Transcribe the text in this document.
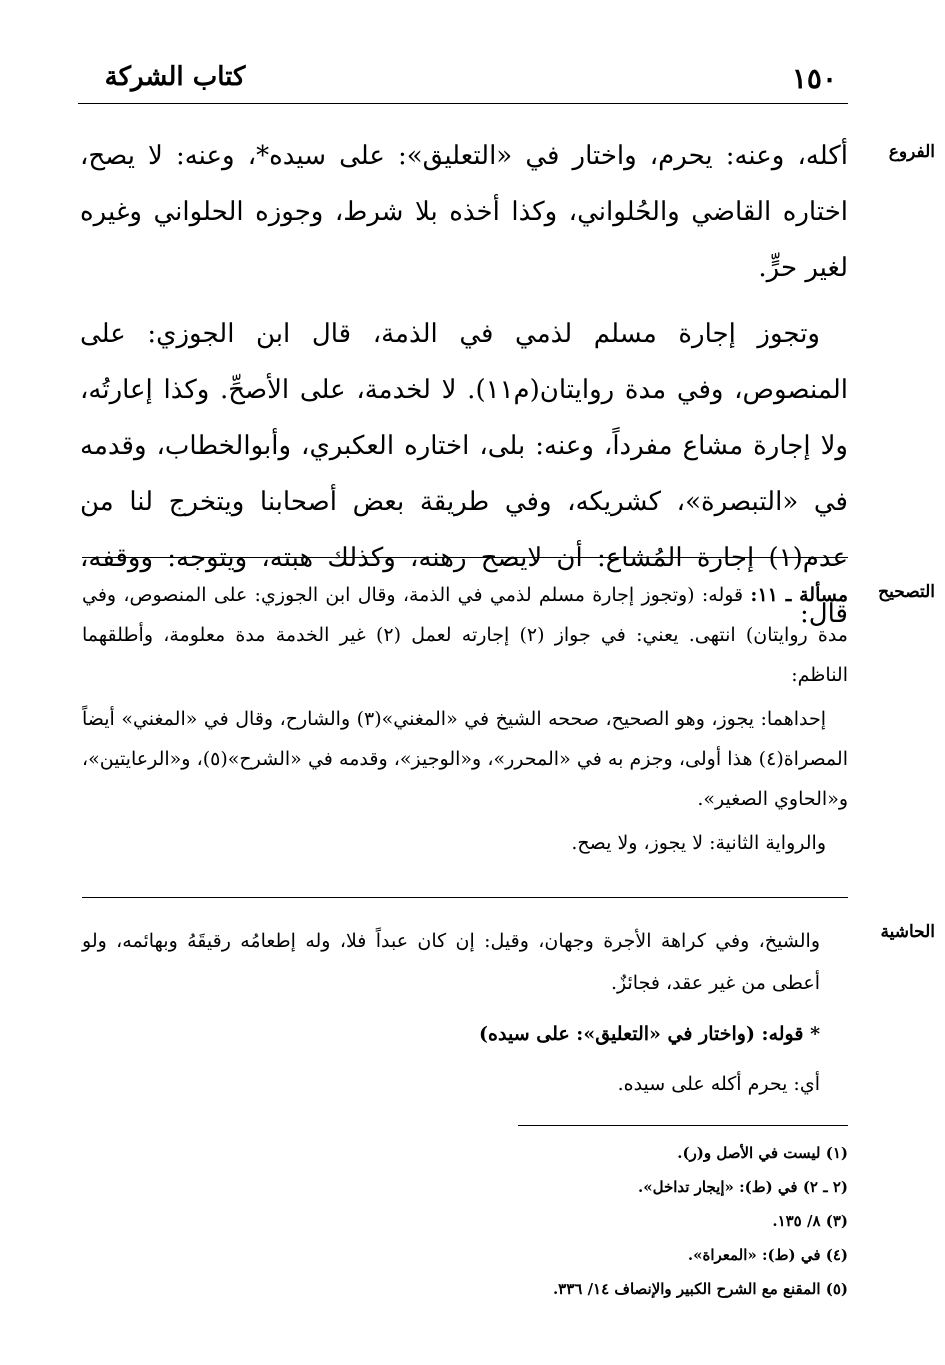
١٥٠
كتاب الشركة
الفروع

أكله، وعنه: يحرم، واختار في «التعليق»: على سيده*، وعنه: لا يصح، اختاره القاضي والحُلواني، وكذا أخذه بلا شرط، وجوزه الحلواني وغيره لغير حرٍّ.

وتجوز إجارة مسلم لذمي في الذمة، قال ابن الجوزي: على المنصوص، وفي مدة روايتان(م١١). لا لخدمة، على الأصحِّ. وكذا إعارتُه، ولا إجارة مشاع مفرداً، وعنه: بلى، اختاره العكبري، وأبوالخطاب، وقدمه في «التبصرة»، كشريكه، وفي طريقة بعض أصحابنا ويتخرج لنا من عدم(١) إجارة المُشاع: أن لايصح رهنه، وكذلك هبته، ويتوجه: ووقفه، قال:

التصحيح

مسألة ـ ١١: قوله: (وتجوز إجارة مسلم لذمي في الذمة، وقال ابن الجوزي: على المنصوص، وفي مدة روايتان) انتهى. يعني: في جواز (٢) إجارته لعمل (٢) غير الخدمة مدة معلومة، وأطلقهما الناظم:

إحداهما: يجوز، وهو الصحيح، صححه الشيخ في «المغني»(٣) والشارح، وقال في «المغني» أيضاً المصراة(٤) هذا أولى، وجزم به في «المحرر»، و«الوجيز»، وقدمه في «الشرح»(٥)، و«الرعايتين»، و«الحاوي الصغير».

والرواية الثانية: لا يجوز، ولا يصح.

الحاشية

والشيخ، وفي كراهة الأجرة وجهان، وقيل: إن كان عبداً فلا، وله إطعامُه رقيقَهُ وبهائمه، ولو أعطى من غير عقد، فجائزٌ.

* قوله: (واختار في «التعليق»: على سيده)

أي: يحرم أكله على سيده.

(١) ليست في الأصل و(ر).

(٢ ـ ٢) في (ط): «إيجار تداخل».

(٣) ٨/ ١٣٥.

(٤) في (ط): «المعراة».

(٥) المقنع مع الشرح الكبير والإنصاف ١٤/ ٣٣٦.
